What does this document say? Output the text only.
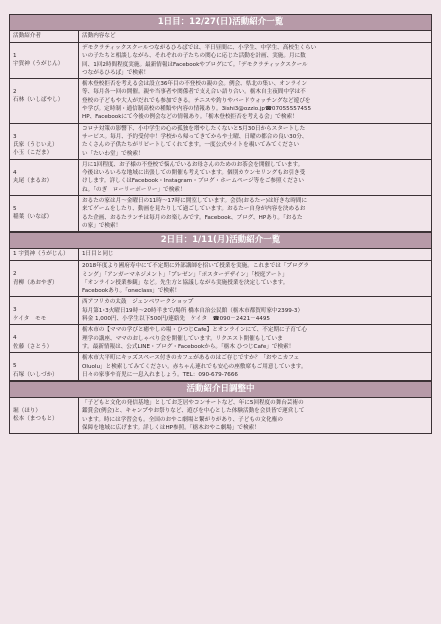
1日目：12/27(日)活動紹介一覧
活動紹介者	活動内容など

1
宇賀神（うがじん）	デモクラティックスクールつながるひろばでは、平日昼間に、小学生、中学生、高校生くらい
いの子たちと相談しながら、それぞれの子たちの関心に応じた活動を計画、実施。月に数
回、1回2時間程度実施。最新情報はFacebookやブログにて。「デモクラティックスクール
つながるひろば」で検索！

2
石林（いしばやし）	栃木登校拒否を考える会は設立36年目の不登校の親の会。例会、県北の集い、オンライン
等、毎月各一回の開催。親や当事者や関係者で支え合い語り合い。栃木自主夜間中学は不
登校の子どもや大人がだれでも参加できる。テニスや釣りやバードウォッチングなど遊びを
や学び。定時制・通信制高校の種類や内容の情報あり。3ishi3@ozzio.jp☎07055557455
HP、Facebookにて今後の例会などの情報あり。「栃木登校拒否を考える会」で検索！

3
氏家（うじいえ）
小玉（こだま）	コロナ対策の影響下、小中学生の心の孤独を増やしたくないと5月30日からスタートした
サービス。毎月、予約受付中！学校から帰ってきてからや土曜、日曜の都合の良い30分、
たくさんの子供たちがリピートしてくれてます。一度公式サイトを覗いてみてください
い「たいわ堂」で検索！

4
丸尾（まるお）	月に1回程度、お子様の不登校で悩んでいるお母さんのためのお茶会を開催しています。
今後はいろいろな地域に出張しての開催も考えています。個別カウンセリングもお引き受
けします。詳しくはFacebook・Instagram・ブログ・ホームページ等をご参照ください
ね。「のぎ　ローリーポーリー」で検索！

5
稲葉（いなば）	おるたの家は月～金曜日の11時～17時に開室しています。会員(おるたー)は好きな時間に
来てゲームをしたり、動画を見たりして過ごしています。おるたー自身が内容を決めるお
るた企画、おるたランチは毎月のお楽しみです。Facebook、ブログ、HPあり。「おるた
の家」で検索！
2日目：1/11(月)活動紹介一覧
1 宇賀神（うがじん）	1日目と同じ

2
青柳（あおやぎ）	2018年度より國府寿中にて不定期に外部講師を招いて授業を実施。これまでは「プログラ
ミング」「アンガーマネジメント」「プレゼン」「ポスターデザイン」「校庭アート」
「オンライン授業参観」など。先生方と協議しながら実施授業を決定しています。
Facebookあり。「oneclass」で検索！

3
ケイタ　モモ	西アフリカの太鼓　ジェンベワークショップ
毎月第1･3火曜日19時～20時半まで/場所 橋本自治公民館（栃木市都賀町家中2399-3）
料金 1,000円、小学生以下500円/連絡先　ケイタ　☎090－2421－4495

4
佐藤（さとう）	栃木市の【ママの学びと癒やしの場・ひつじCafe】とオンラインにて、不定期に子育て心
理学の講座、ママのおしゃべり会を開催しています。リクエスト開催もしていま
す。最新情報は、公式LINE・ブログ・Facebookから。「栃木 ひつじCafe」で検索！

5
石塚（いしづか）	栃木市大平町にキッズスペース付きのカフェがあるのはご存じですか？「おやこカフェ
Oluolu」と検索してみてください。赤ちゃん連れでも安心の座敷席もご用意しています。
日々の家事や育児に一息入れましょう。TEL：090-679-7666
活動紹介日調整中
堀（ほり）
松本（まつもと）

「子どもと文化の発信基地」としてお芝居やコンサートなど、年に5回程度の舞台芸術の
鑑賞会(例会)と、キャンプやお祭りなど、遊びを中心とした体験活動を会員皆で運営して
います。時には学習会も。全国のおやこ劇場と繋がりがあり、子どもの文化権の
保障を地域に広げます。詳しくはHP参照。「栃木おやこ劇場」で検索！
